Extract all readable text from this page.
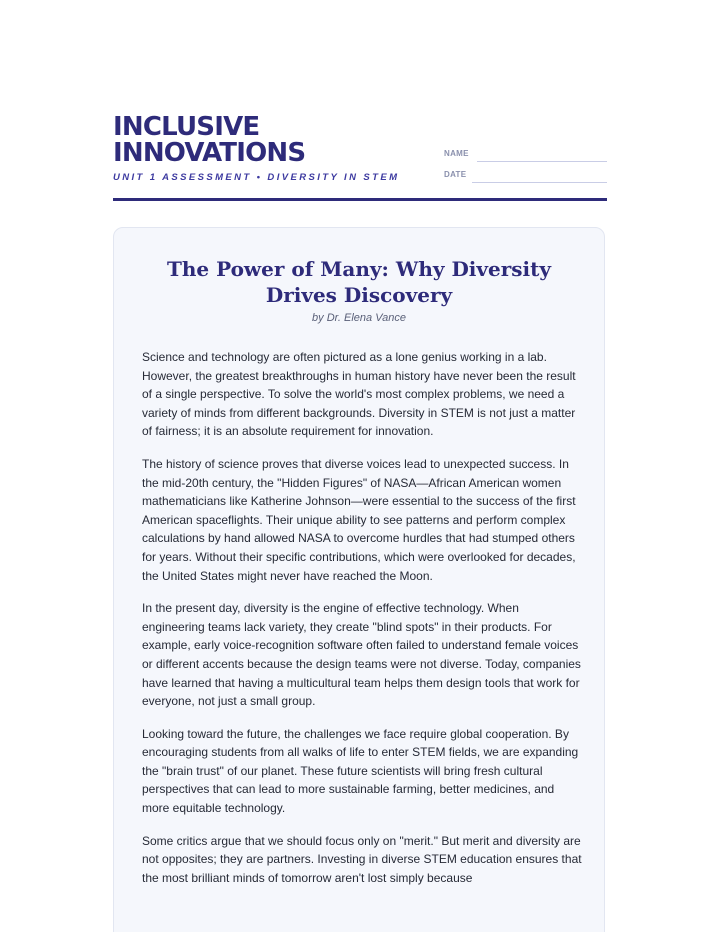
INCLUSIVE
INNOVATIONS
UNIT 1 ASSESSMENT • DIVERSITY IN STEM
NAME
DATE
The Power of Many: Why Diversity Drives Discovery
by Dr. Elena Vance

Science and technology are often pictured as a lone genius working in a lab. However, the greatest breakthroughs in human history have never been the result of a single perspective. To solve the world's most complex problems, we need a variety of minds from different backgrounds. Diversity in STEM is not just a matter of fairness; it is an absolute requirement for innovation.

The history of science proves that diverse voices lead to unexpected success. In the mid-20th century, the "Hidden Figures" of NASA—African American women mathematicians like Katherine Johnson—were essential to the success of the first American spaceflights. Their unique ability to see patterns and perform complex calculations by hand allowed NASA to overcome hurdles that had stumped others for years. Without their specific contributions, which were overlooked for decades, the United States might never have reached the Moon.

In the present day, diversity is the engine of effective technology. When engineering teams lack variety, they create "blind spots" in their products. For example, early voice-recognition software often failed to understand female voices or different accents because the design teams were not diverse. Today, companies have learned that having a multicultural team helps them design tools that work for everyone, not just a small group.

Looking toward the future, the challenges we face require global cooperation. By encouraging students from all walks of life to enter STEM fields, we are expanding the "brain trust" of our planet. These future scientists will bring fresh cultural perspectives that can lead to more sustainable farming, better medicines, and more equitable technology.

Some critics argue that we should focus only on "merit." But merit and diversity are not opposites; they are partners. Investing in diverse STEM education ensures that the most brilliant minds of tomorrow aren't lost simply because
